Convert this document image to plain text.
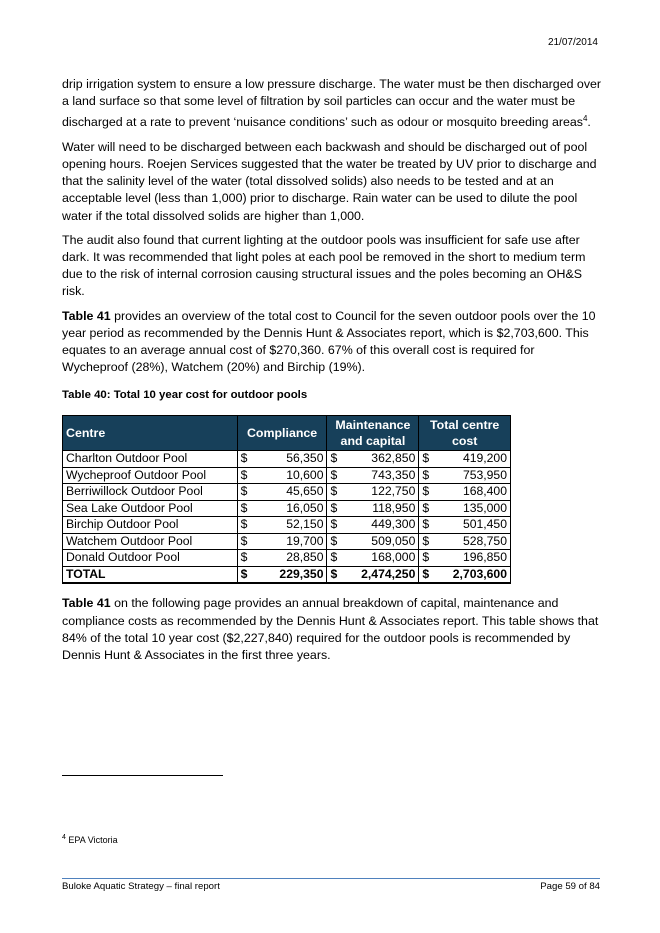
21/07/2014

drip irrigation system to ensure a low pressure discharge. The water must be then discharged over a land surface so that some level of filtration by soil particles can occur and the water must be discharged at a rate to prevent ‘nuisance conditions’ such as odour or mosquito breeding areas$^4$.

Water will need to be discharged between each backwash and should be discharged out of pool opening hours. Roejen Services suggested that the water be treated by UV prior to discharge and that the salinity level of the water (total dissolved solids) also needs to be tested and at an acceptable level (less than 1,000) prior to discharge. Rain water can be used to dilute the pool water if the total dissolved solids are higher than 1,000.

The audit also found that current lighting at the outdoor pools was insufficient for safe use after dark. It was recommended that light poles at each pool be removed in the short to medium term due to the risk of internal corrosion causing structural issues and the poles becoming an OH&S risk.

Table 41 provides an overview of the total cost to Council for the seven outdoor pools over the 10 year period as recommended by the Dennis Hunt & Associates report, which is $2,703,600. This equates to an average annual cost of $270,360. 67% of this overall cost is required for Wycheproof (28%), Watchem (20%) and Birchip (19%).

Table 40: Total 10 year cost for outdoor pools
Centre	Compliance	Maintenance and capital	Total centre cost
Charlton Outdoor Pool	$ 56,350	$ 362,850	$ 419,200
Wycheproof Outdoor Pool	$ 10,600	$ 743,350	$ 753,950
Berriwillock Outdoor Pool	$ 45,650	$ 122,750	$ 168,400
Sea Lake Outdoor Pool	$ 16,050	$ 118,950	$ 135,000
Birchip Outdoor Pool	$ 52,150	$ 449,300	$ 501,450
Watchem Outdoor Pool	$ 19,700	$ 509,050	$ 528,750
Donald Outdoor Pool	$ 28,850	$ 168,000	$ 196,850
TOTAL	$ 229,350	$ 2,474,250	$ 2,703,600

Table 41 on the following page provides an annual breakdown of capital, maintenance and compliance costs as recommended by the Dennis Hunt & Associates report. This table shows that 84% of the total 10 year cost ($2,227,840) required for the outdoor pools is recommended by Dennis Hunt & Associates in the first three years.

$^4$ EPA Victoria
Buloke Aquatic Strategy – final report	Page 59 of 84
